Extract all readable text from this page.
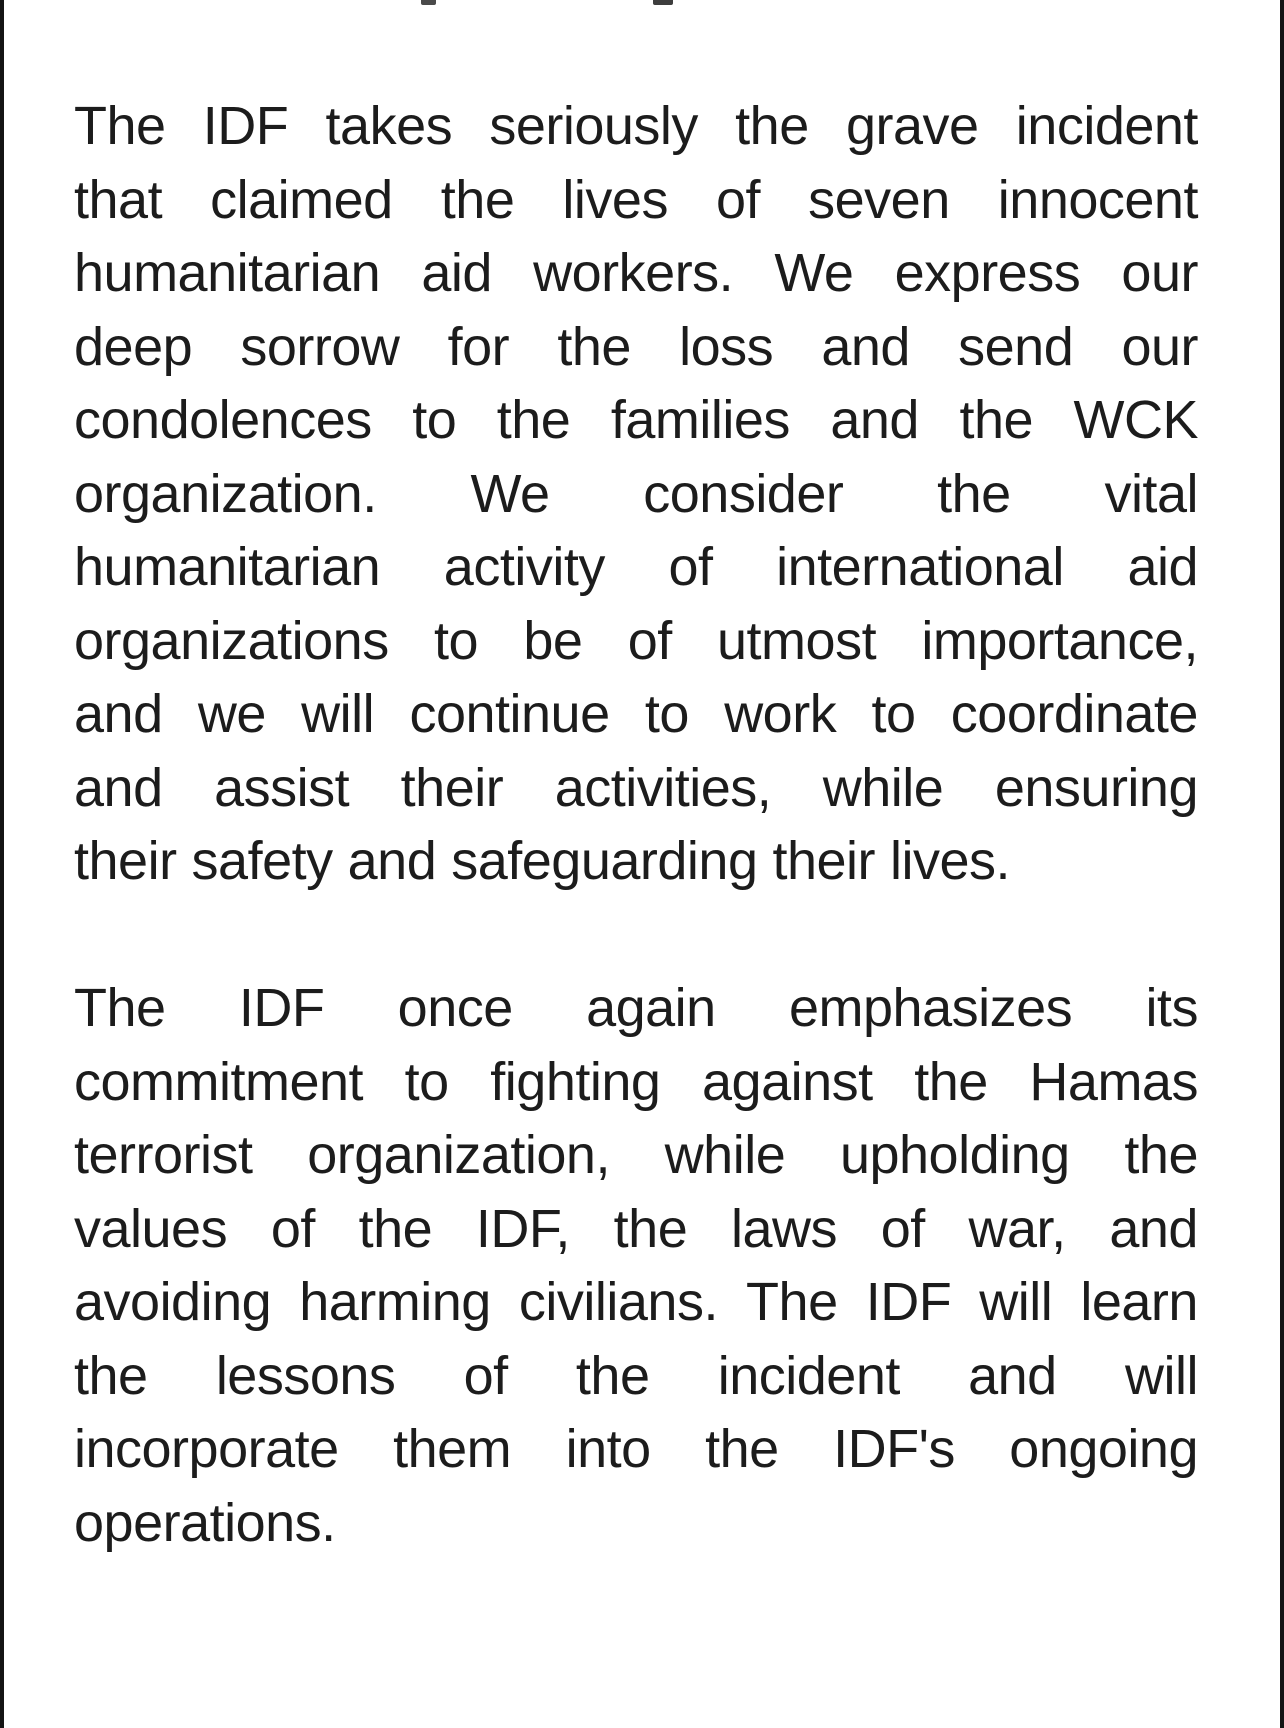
The IDF takes seriously the grave incident
that claimed the lives of seven innocent
humanitarian aid workers. We express our
deep sorrow for the loss and send our
condolences to the families and the WCK
organization. We consider the vital
humanitarian activity of international aid
organizations to be of utmost importance,
and we will continue to work to coordinate
and assist their activities, while ensuring
their safety and safeguarding their lives.
The IDF once again emphasizes its
commitment to fighting against the Hamas
terrorist organization, while upholding the
values of the IDF, the laws of war, and
avoiding harming civilians. The IDF will learn
the lessons of the incident and will
incorporate them into the IDF's ongoing
operations.
